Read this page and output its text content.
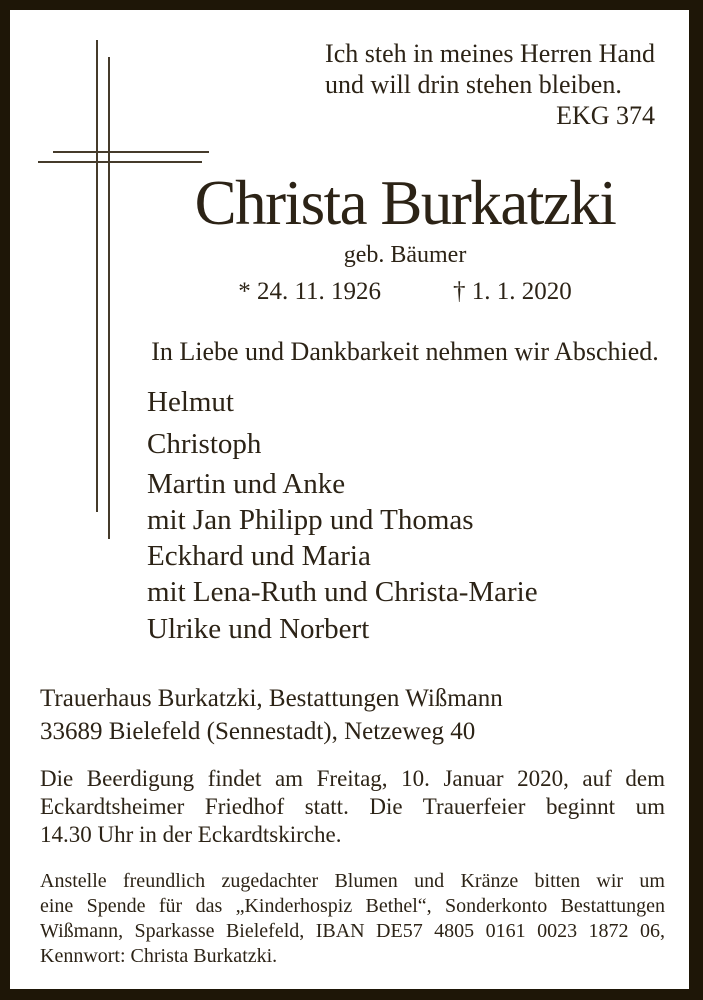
Ich steh in meines Herren Hand
und will drin stehen bleiben.
EKG 374
Christa Burkatzki
geb. Bäumer
* 24. 11. 1926	† 1. 1. 2020
In Liebe und Dankbarkeit nehmen wir Abschied.
Helmut
Christoph
Martin und Anke
mit Jan Philipp und Thomas
Eckhard und Maria
mit Lena-Ruth und Christa-Marie
Ulrike und Norbert
Trauerhaus Burkatzki, Bestattungen Wißmann
33689 Bielefeld (Sennestadt), Netzeweg 40
Die Beerdigung findet am Freitag, 10. Januar 2020, auf dem
Eckardtsheimer Friedhof statt. Die Trauerfeier beginnt um
14.30 Uhr in der Eckardtskirche.
Anstelle freundlich zugedachter Blumen und Kränze bitten wir um
eine Spende für das „Kinderhospiz Bethel“, Sonderkonto Bestattungen
Wißmann, Sparkasse Bielefeld, IBAN DE57 4805 0161 0023 1872 06,
Kennwort: Christa Burkatzki.
